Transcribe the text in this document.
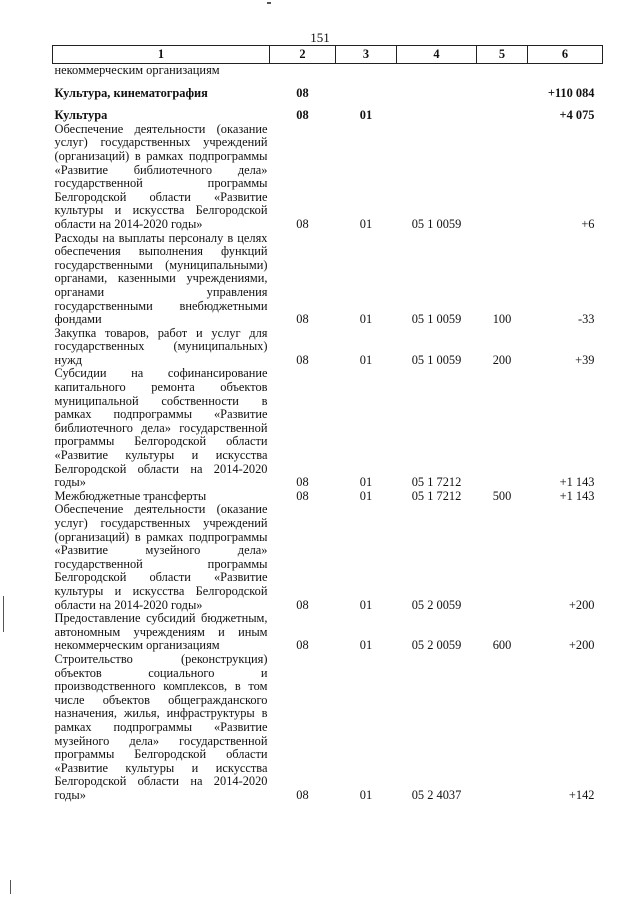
151
1	2	3	4	5	6
некоммерческим организациям					
Культура, кинематография	08				+110 084
Культура	08	01			+4 075
Обеспечение деятельности (оказание услуг) государственных учреждений (организаций) в рамках подпрограммы «Развитие библиотечного дела» государственной программы Белгородской области «Развитие культуры и искусства Белгородской области на 2014-2020 годы»	08	01	05 1 0059		+6
Расходы на выплаты персоналу в целях обеспечения выполнения функций государственными (муниципальными) органами, казенными учреждениями, органами управления государственными внебюджетными фондами	08	01	05 1 0059	100	-33
Закупка товаров, работ и услуг для государственных (муниципальных) нужд	08	01	05 1 0059	200	+39
Субсидии на софинансирование капитального ремонта объектов муниципальной собственности в рамках подпрограммы «Развитие библиотечного дела» государственной программы Белгородской области «Развитие культуры и искусства Белгородской области на 2014-2020 годы»	08	01	05 1 7212		+1 143
Межбюджетные трансферты	08	01	05 1 7212	500	+1 143
Обеспечение деятельности (оказание услуг) государственных учреждений (организаций) в рамках подпрограммы «Развитие музейного дела» государственной программы Белгородской области «Развитие культуры и искусства Белгородской области на 2014-2020 годы»	08	01	05 2 0059		+200
Предоставление субсидий бюджетным, автономным учреждениям и иным некоммерческим организациям	08	01	05 2 0059	600	+200
Строительство (реконструкция) объектов социального и производственного комплексов, в том числе объектов общегражданского назначения, жилья, инфраструктуры в рамках подпрограммы «Развитие музейного дела» государственной программы Белгородской области «Развитие культуры и искусства Белгородской области на 2014-2020 годы»	08	01	05 2 4037		+142
